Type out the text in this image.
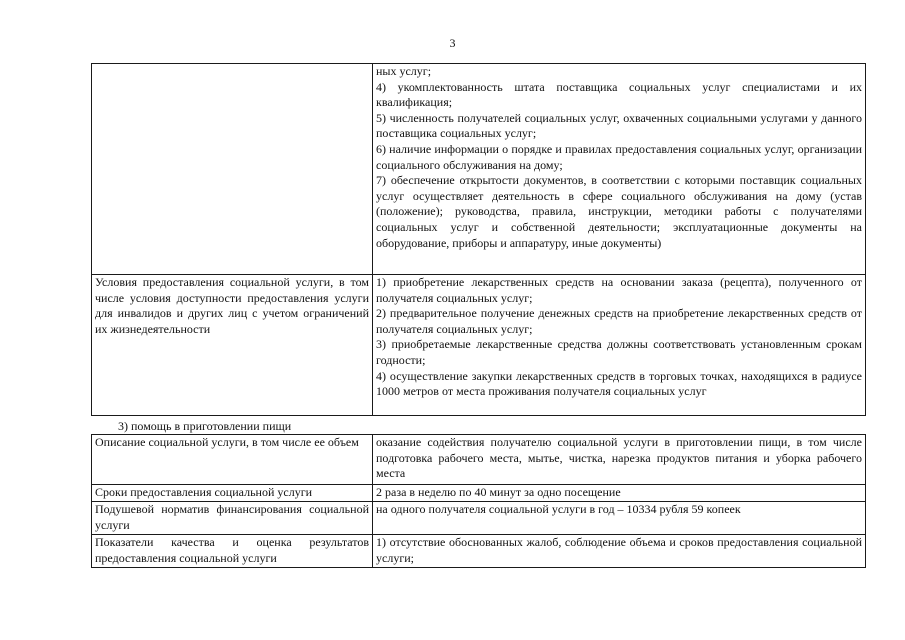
3

	ных услуг;
4) укомплектованность штата поставщика социальных услуг специалистами и их квалификация;
5) численность получателей социальных услуг, охваченных социальными услугами у данного поставщика социальных услуг;
6) наличие информации о порядке и правилах предоставления социальных услуг, организации социального обслуживания на дому;
7) обеспечение открытости документов, в соответствии с которыми поставщик социальных услуг осуществляет деятельность в сфере социального обслуживания на дому (устав (положение); руководства, правила, инструкции, методики работы с получателями социальных услуг и собственной деятельности; эксплуатационные документы на оборудование, приборы и аппаратуру, иные документы)

Условия предоставления социальной услуги, в том числе условия доступности предоставления услуги для инвалидов и других лиц с учетом ограничений их жизнедеятельности	1) приобретение лекарственных средств на основании заказа (рецепта), полученного от получателя социальных услуг;
2) предварительное получение денежных средств на приобретение лекарственных средств от получателя социальных услуг;
3) приобретаемые лекарственные средства должны соответствовать установленным срокам годности;
4) осуществление закупки лекарственных средств в торговых точках, находящихся в радиусе 1000 метров от места проживания получателя социальных услуг
3) помощь в приготовлении пищи
Описание социальной услуги, в том числе ее объем	оказание содействия получателю социальной услуги в приготовлении пищи, в том числе подготовка рабочего места, мытье, чистка, нарезка продуктов питания и уборка рабочего места

Сроки предоставления социальной услуги	2 раза в неделю по 40 минут за одно посещение

Подушевой норматив финансирования социальной услуги	на одного получателя социальной услуги в год – 10334 рубля 59 копеек

Показатели качества и оценка результатов предоставления социальной услуги	1) отсутствие обоснованных жалоб, соблюдение объема и сроков предоставления социальной услуги;
